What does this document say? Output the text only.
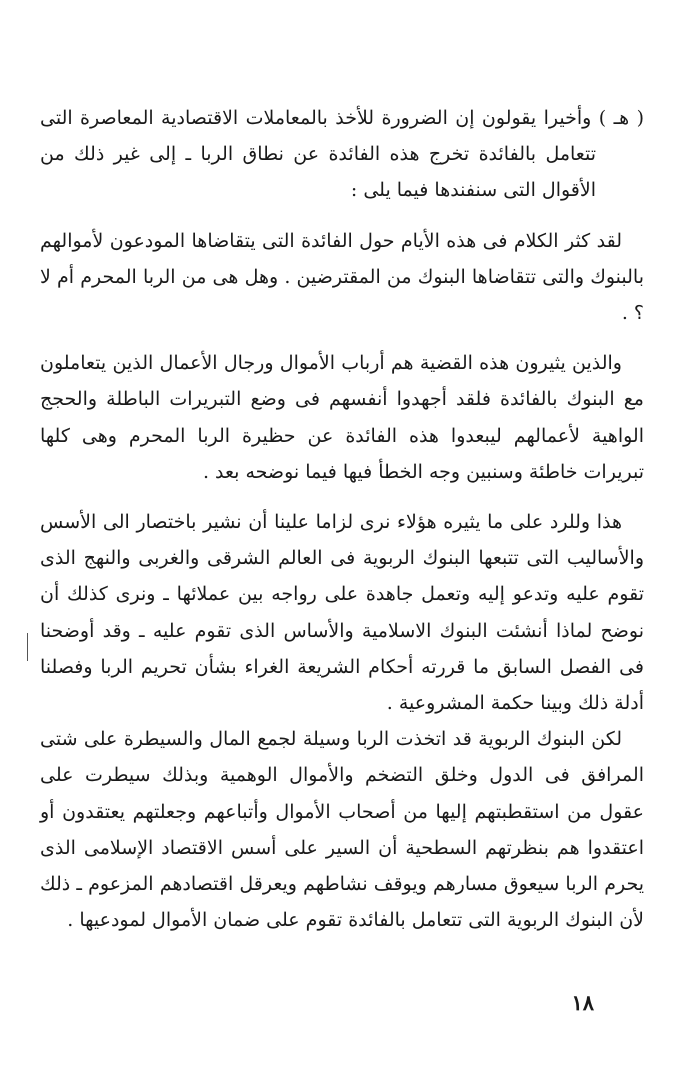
( هـ ) وأخيرا يقولون إن الضرورة للأخذ بالمعاملات الاقتصادية المعاصرة التى تتعامل بالفائدة تخرج هذه الفائدة عن نطاق الربا ـ إلى غير ذلك من الأقوال التى سنفندها فيما يلى :

لقد كثر الكلام فى هذه الأيام حول الفائدة التى يتقاضاها المودعون لأموالهم بالبنوك والتى تتقاضاها البنوك من المقترضين . وهل هى من الربا المحرم أم لا ؟ .

والذين يثيرون هذه القضية هم أرباب الأموال ورجال الأعمال الذين يتعاملون مع البنوك بالفائدة فلقد أجهدوا أنفسهم فى وضع التبريرات الباطلة والحجج الواهية لأعمالهم ليبعدوا هذه الفائدة عن حظيرة الربا المحرم وهى كلها تبريرات خاطئة وسنبين وجه الخطأ فيها فيما نوضحه بعد .

هذا وللرد على ما يثيره هؤلاء نرى لزاما علينا أن نشير باختصار الى الأسس والأساليب التى تتبعها البنوك الربوية فى العالم الشرقى والغربى والنهج الذى تقوم عليه وتدعو إليه وتعمل جاهدة على رواجه بين عملائها ـ ونرى كذلك أن نوضح لماذا أنشئت البنوك الاسلامية والأساس الذى تقوم عليه ـ وقد أوضحنا فى الفصل السابق ما قررته أحكام الشريعة الغراء بشأن تحريم الربا وفصلنا أدلة ذلك وبينا حكمة المشروعية .

لكن البنوك الربوية قد اتخذت الربا وسيلة لجمع المال والسيطرة على شتى المرافق فى الدول وخلق التضخم والأموال الوهمية وبذلك سيطرت على عقول من استقطبتهم إليها من أصحاب الأموال وأتباعهم وجعلتهم يعتقدون أو اعتقدوا هم بنظرتهم السطحية أن السير على أسس الاقتصاد الإسلامى الذى يحرم الربا سيعوق مسارهم ويوقف نشاطهم ويعرقل اقتصادهم المزعوم ـ ذلك لأن البنوك الربوية التى تتعامل بالفائدة تقوم على ضمان الأموال لمودعيها .

١٨
